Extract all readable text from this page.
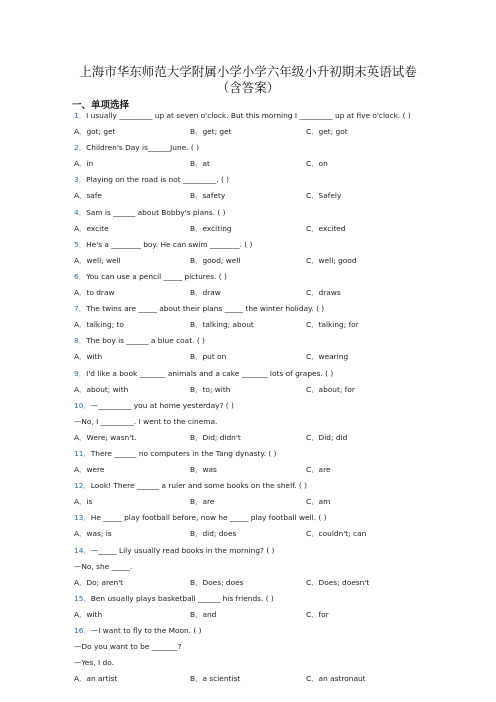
上海市华东师范大学附属小学小学六年级小升初期末英语试卷
（含答案）
一、单项选择
1．I usually _________ up at seven o'clock. But this morning I _________ up at five o'clock. ( )
A．got; get	B．get; get	C．get; got
2．Children's Day is______June. ( )
A．in	B．at	C．on
3．Playing on the road is not _________. ( )
A．safe	B．safety	C．Safely
4．Sam is ______ about Bobby's plans. ( )
A．excite	B．exciting	C．excited
5．He's a ________ boy. He can swim ________. ( )
A．well; well	B．good; well	C．well; good
6．You can use a pencil _____ pictures. ( )
A．to draw	B．draw	C．draws
7．The twins are _____ about their plans _____ the winter holiday. ( )
A．talking; to	B．talking; about	C．talking; for
8．The boy is ______ a blue coat. ( )
A．with	B．put on	C．wearing
9．I'd like a book _______ animals and a cake _______ lots of grapes. ( )
A．about; with	B．to; with	C．about; for
10．—_________ you at home yesterday? ( )
—No, I _________. I went to the cinema.
A．Were; wasn't.	B．Did; didn't	C．Did; did
11．There ______ no computers in the Tang dynasty. ( )
A．were	B．was	C．are
12．Look! There ______ a ruler and some books on the shelf. ( )
A．is	B．are	C．am
13．He _____ play football before, now he _____ play football well. ( )
A．was; is	B．did; does	C．couldn't; can
14．—_____ Lily usually read books in the morning? ( )
—No, she _____.
A．Do; aren't	B．Does; does	C．Does; doesn't
15．Ben usually plays basketball ______ his friends. ( )
A．with	B．and	C．for
16．—I want to fly to the Moon. ( )
—Do you want to be _______?
—Yes, I do.
A．an artist	B．a scientist	C．an astronaut
